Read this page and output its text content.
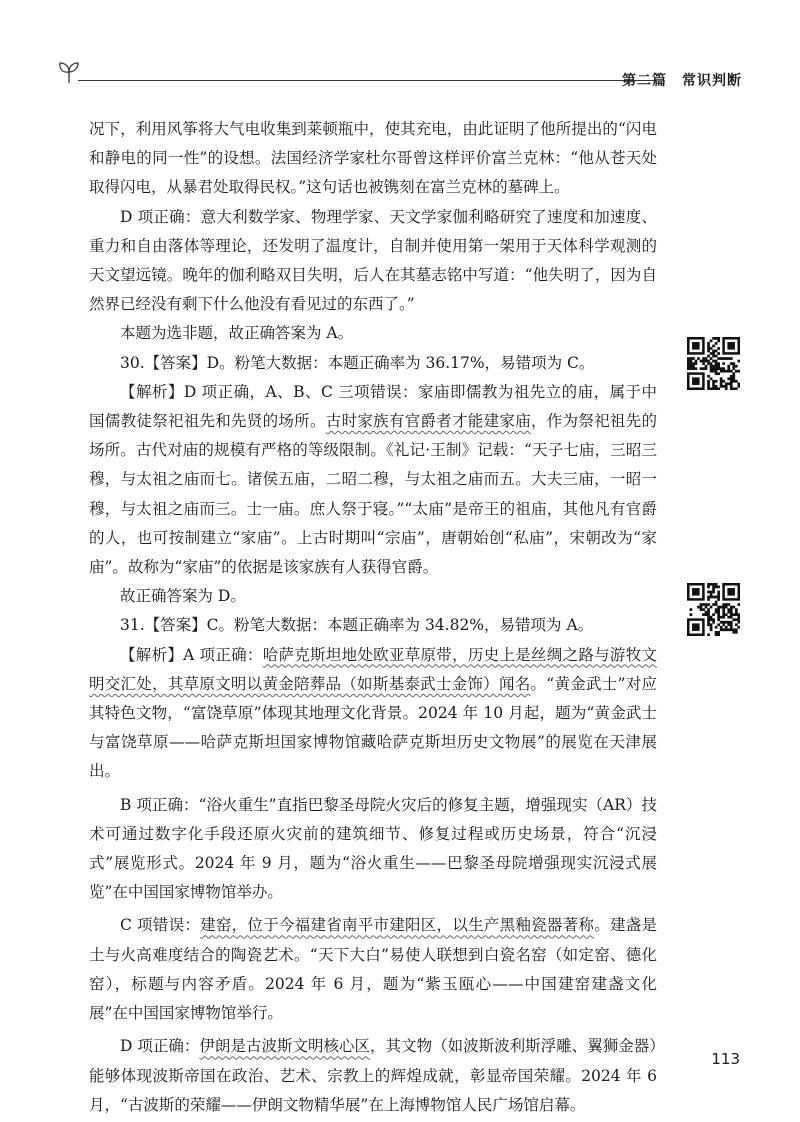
第二篇　常识判断

况下，利用风筝将大气电收集到莱顿瓶中，使其充电，由此证明了他所提出的“闪电和静电的同一性”的设想。法国经济学家杜尔哥曾这样评价富兰克林：“他从苍天处取得闪电，从暴君处取得民权。”这句话也被镌刻在富兰克林的墓碑上。

D 项正确：意大利数学家、物理学家、天文学家伽利略研究了速度和加速度、重力和自由落体等理论，还发明了温度计，自制并使用第一架用于天体科学观测的天文望远镜。晚年的伽利略双目失明，后人在其墓志铭中写道：“他失明了，因为自然界已经没有剩下什么他没有看见过的东西了。”

本题为选非题，故正确答案为 A。

30.【答案】D。粉笔大数据：本题正确率为 36.17%，易错项为 C。

【解析】D 项正确，A、B、C 三项错误：家庙即儒教为祖先立的庙，属于中国儒教徒祭祀祖先和先贤的场所。古时家族有官爵者才能建家庙，作为祭祀祖先的场所。古代对庙的规模有严格的等级限制。《礼记·王制》记载：“天子七庙，三昭三穆，与太祖之庙而七。诸侯五庙，二昭二穆，与太祖之庙而五。大夫三庙，一昭一穆，与太祖之庙而三。士一庙。庶人祭于寝。”“太庙”是帝王的祖庙，其他凡有官爵的人，也可按制建立“家庙”。上古时期叫“宗庙”，唐朝始创“私庙”，宋朝改为“家庙”。故称为“家庙”的依据是该家族有人获得官爵。

故正确答案为 D。

31.【答案】C。粉笔大数据：本题正确率为 34.82%，易错项为 A。

【解析】A 项正确：哈萨克斯坦地处欧亚草原带，历史上是丝绸之路与游牧文明交汇处，其草原文明以黄金陪葬品（如斯基泰武士金饰）闻名。“黄金武士”对应其特色文物，“富饶草原”体现其地理文化背景。2024 年 10 月起，题为“黄金武士与富饶草原——哈萨克斯坦国家博物馆藏哈萨克斯坦历史文物展”的展览在天津展出。

B 项正确：“浴火重生”直指巴黎圣母院火灾后的修复主题，增强现实（AR）技术可通过数字化手段还原火灾前的建筑细节、修复过程或历史场景，符合“沉浸式”展览形式。2024 年 9 月，题为“浴火重生——巴黎圣母院增强现实沉浸式展览”在中国国家博物馆举办。

C 项错误：建窑，位于今福建省南平市建阳区，以生产黑釉瓷器著称。建盏是土与火高难度结合的陶瓷艺术。“天下大白”易使人联想到白瓷名窑（如定窑、德化窑），标题与内容矛盾。2024 年 6 月，题为“紫玉瓯心——中国建窑建盏文化展”在中国国家博物馆举行。

D 项正确：伊朗是古波斯文明核心区，其文物（如波斯波利斯浮雕、翼狮金器）能够体现波斯帝国在政治、艺术、宗教上的辉煌成就，彰显帝国荣耀。2024 年 6 月，“古波斯的荣耀——伊朗文物精华展”在上海博物馆人民广场馆启幕。

113
